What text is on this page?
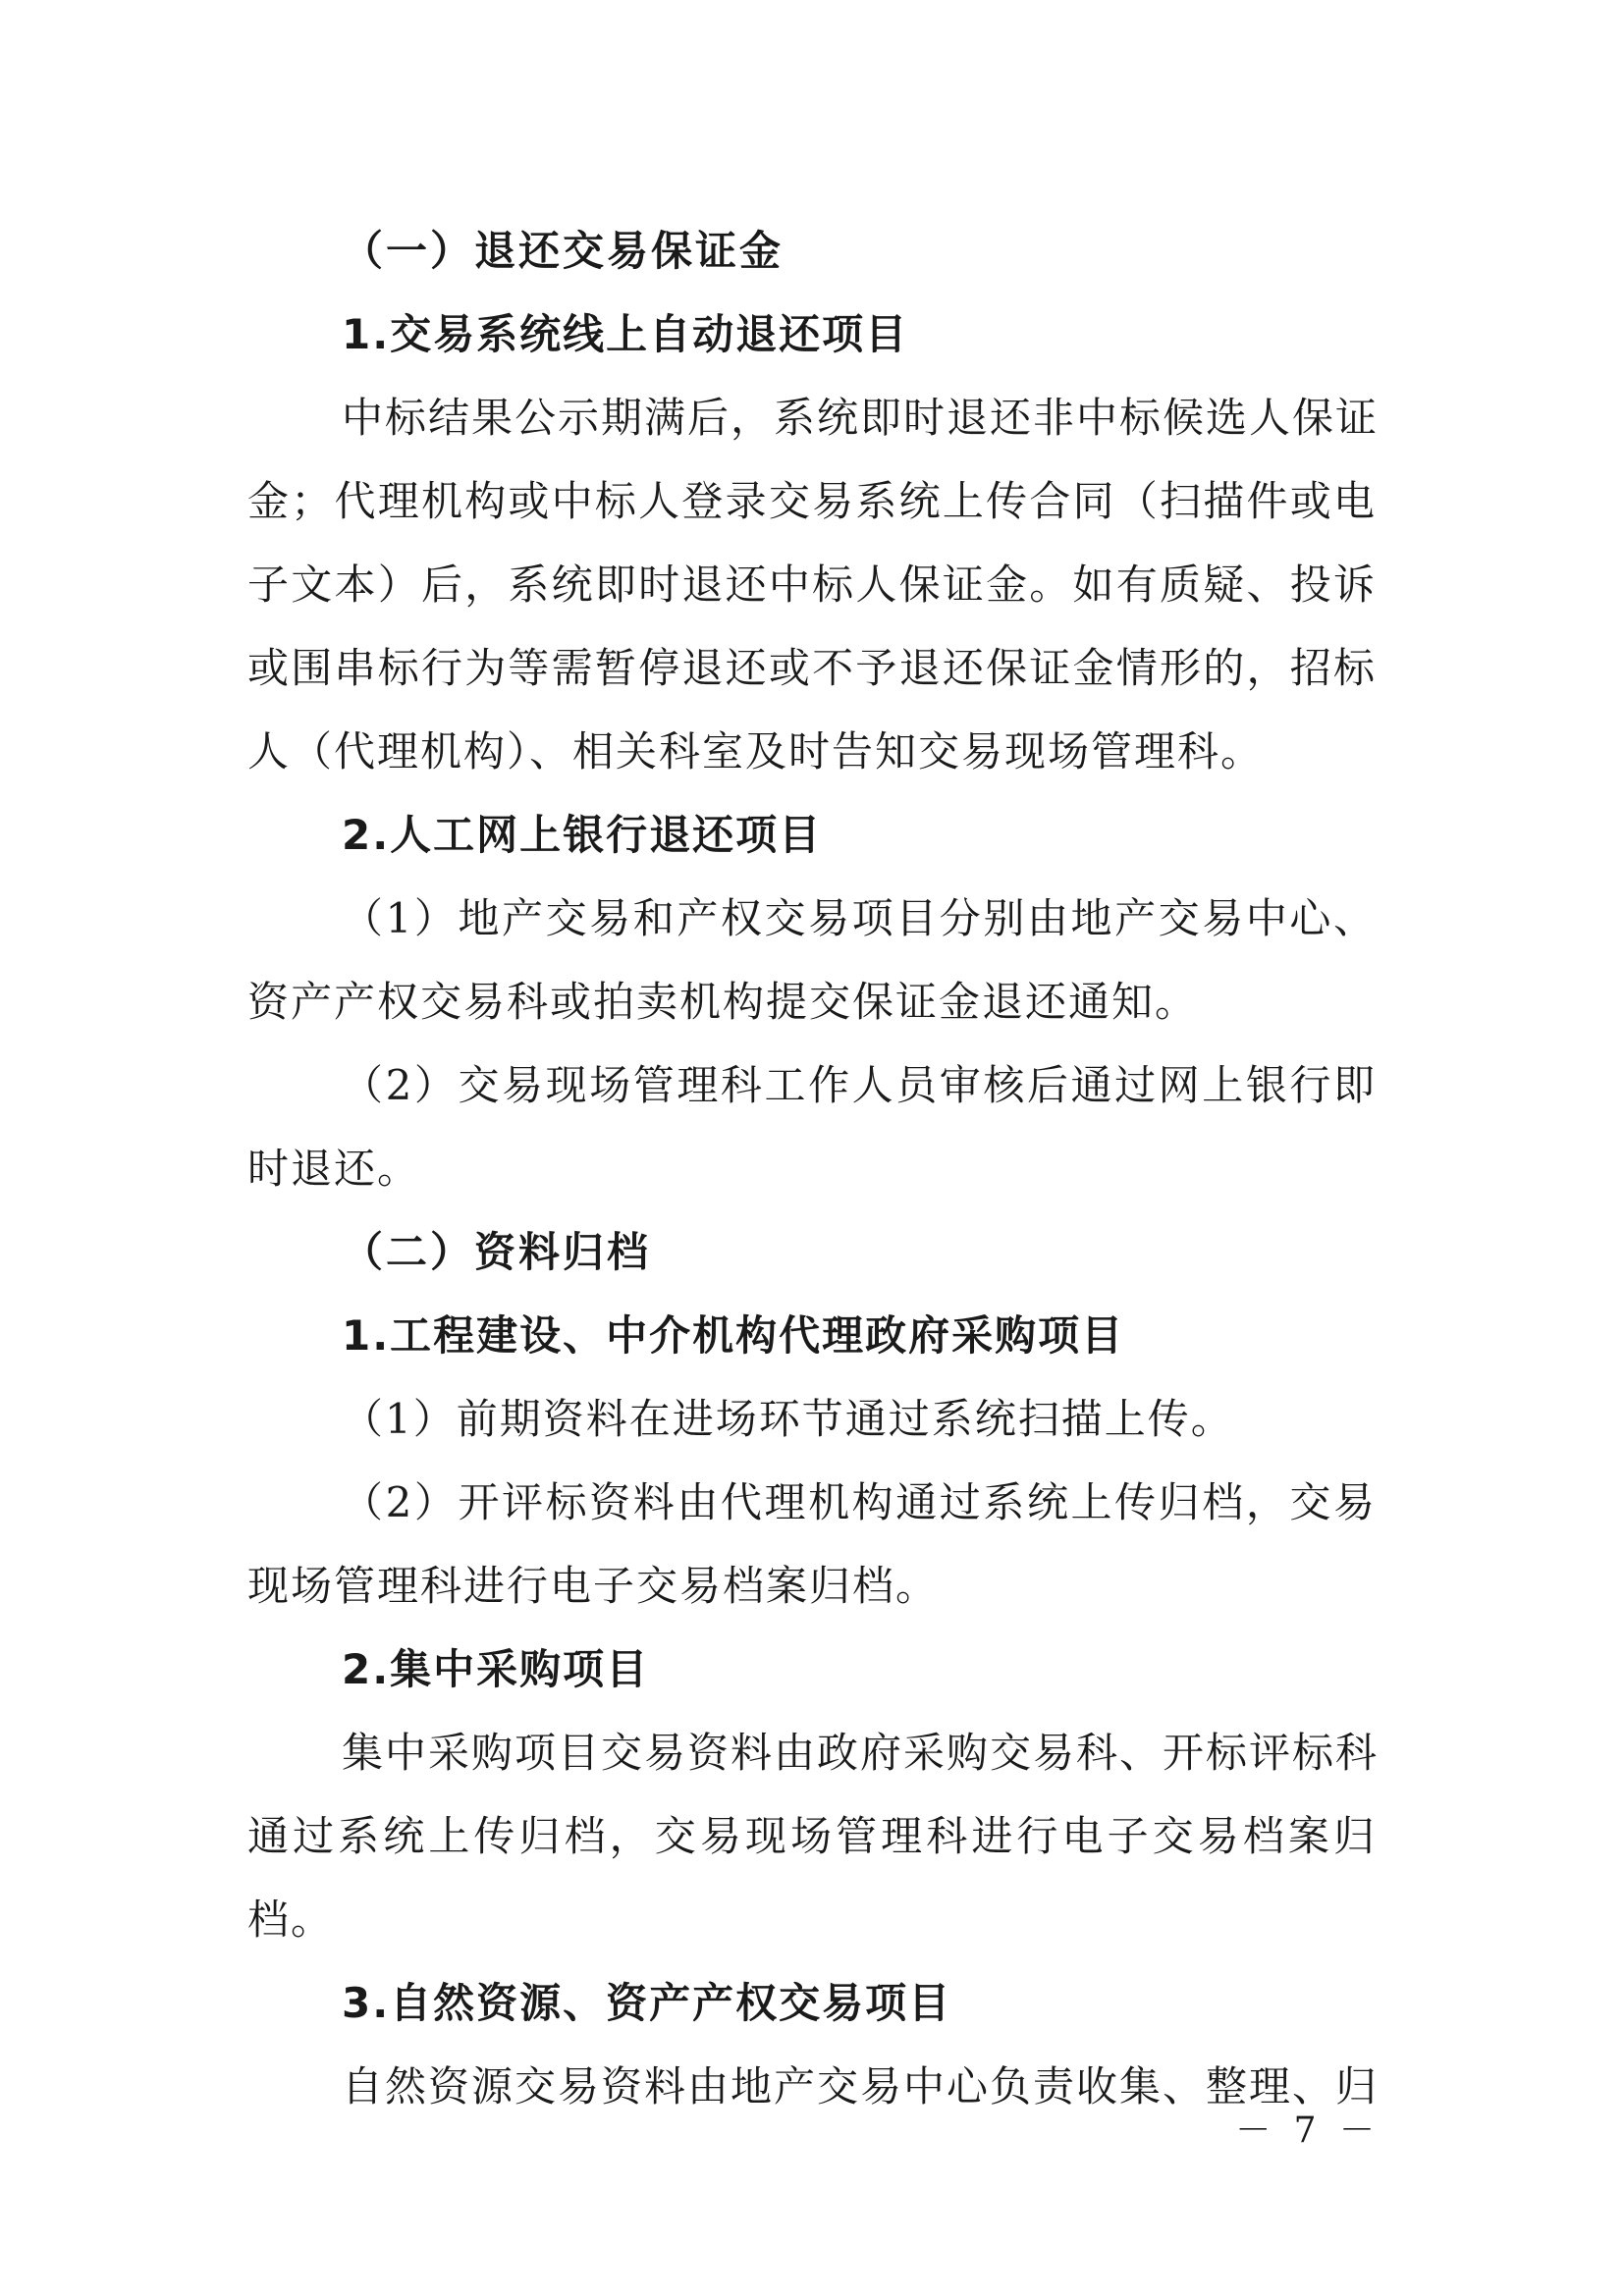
（一）退还交易保证金
1.交易系统线上自动退还项目
中标结果公示期满后，系统即时退还非中标候选人保证
金；代理机构或中标人登录交易系统上传合同（扫描件或电
子文本）后，系统即时退还中标人保证金。如有质疑、投诉
或围串标行为等需暂停退还或不予退还保证金情形的，招标
人（代理机构）、相关科室及时告知交易现场管理科。
2.人工网上银行退还项目
（1）地产交易和产权交易项目分别由地产交易中心、
资产产权交易科或拍卖机构提交保证金退还通知。
（2）交易现场管理科工作人员审核后通过网上银行即
时退还。
（二）资料归档
1.工程建设、中介机构代理政府采购项目
（1）前期资料在进场环节通过系统扫描上传。
（2）开评标资料由代理机构通过系统上传归档，交易
现场管理科进行电子交易档案归档。
2.集中采购项目
集中采购项目交易资料由政府采购交易科、开标评标科
通过系统上传归档，交易现场管理科进行电子交易档案归
档。
3.自然资源、资产产权交易项目
自然资源交易资料由地产交易中心负责收集、整理、归
－ 7 －
